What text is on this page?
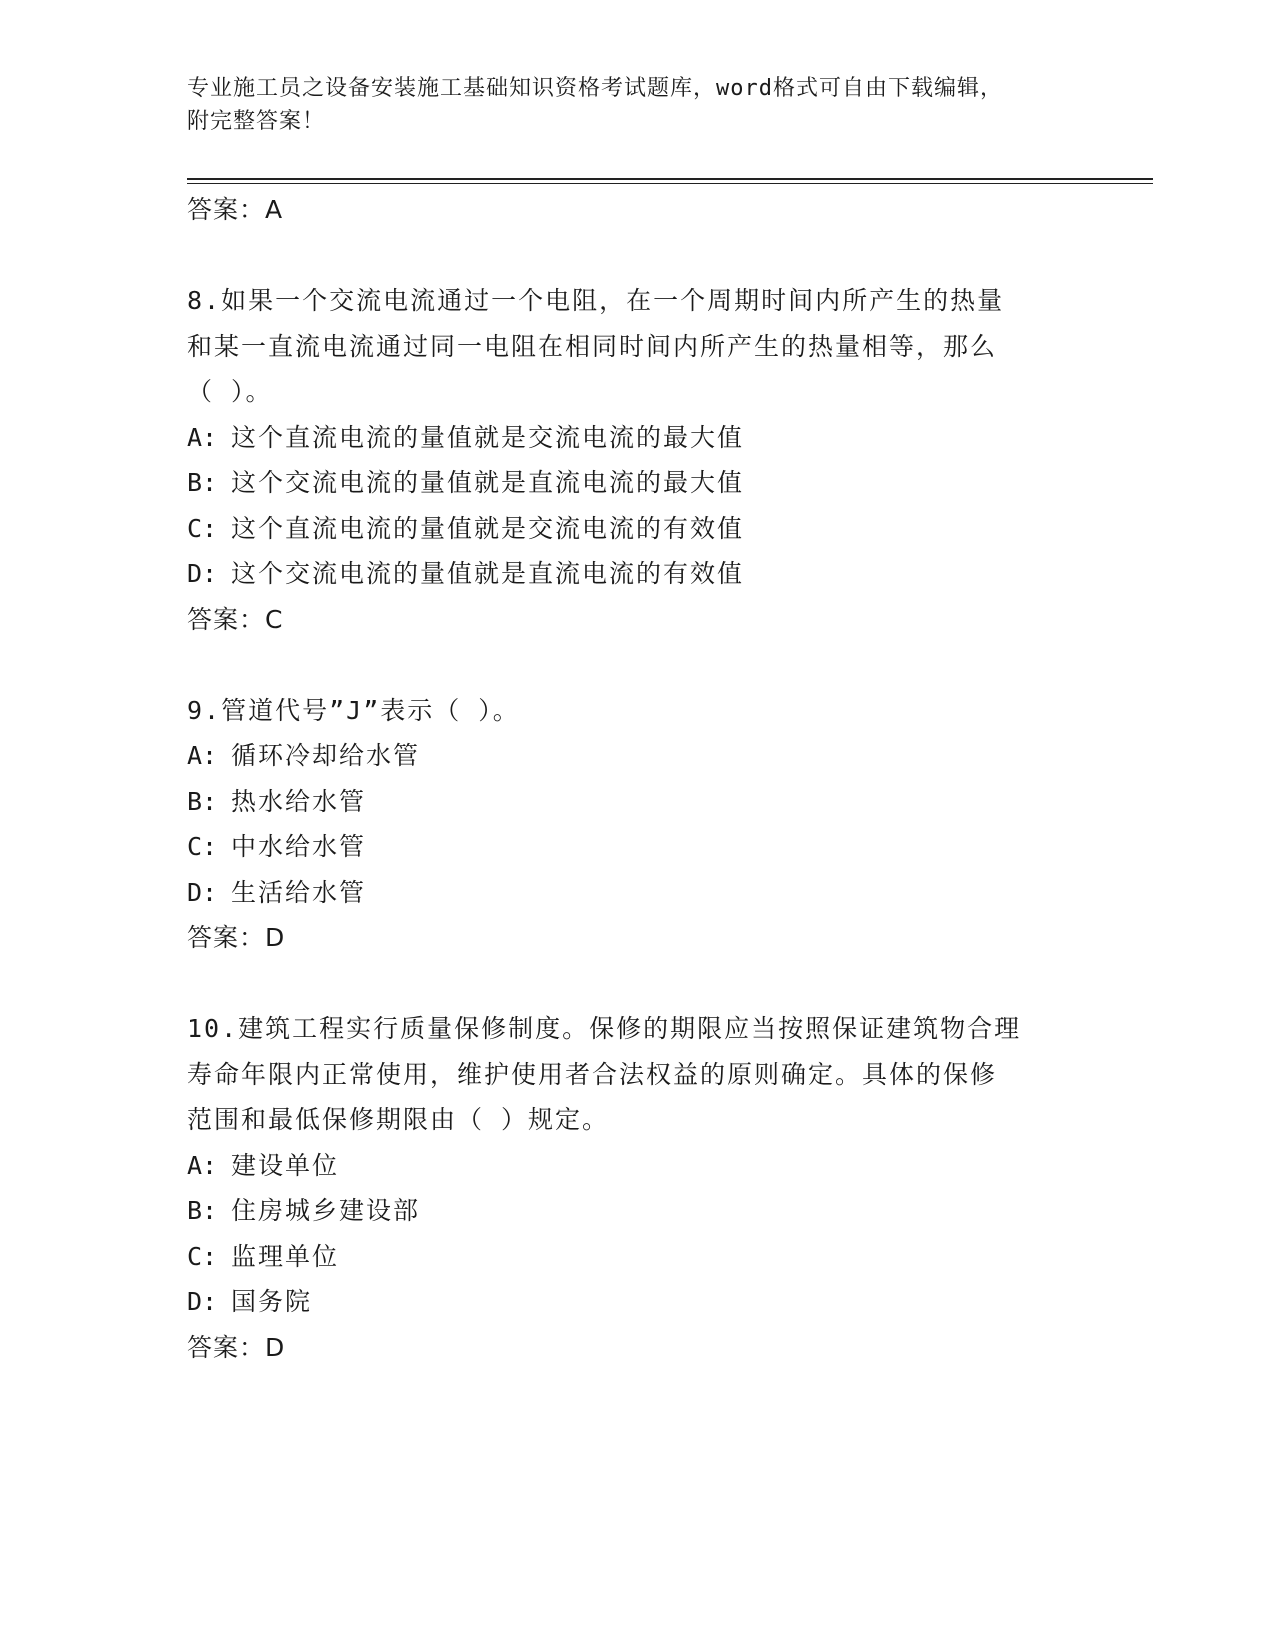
专业施工员之设备安装施工基础知识资格考试题库，word格式可自由下载编辑，
附完整答案！
答案：A
8.如果一个交流电流通过一个电阻，在一个周期时间内所产生的热量
和某一直流电流通过同一电阻在相同时间内所产生的热量相等，那么
（ ）。
A: 这个直流电流的量值就是交流电流的最大值
B: 这个交流电流的量值就是直流电流的最大值
C: 这个直流电流的量值就是交流电流的有效值
D: 这个交流电流的量值就是直流电流的有效值
答案：C
9.管道代号”J”表示（ ）。
A: 循环冷却给水管
B: 热水给水管
C: 中水给水管
D: 生活给水管
答案：D
10.建筑工程实行质量保修制度。保修的期限应当按照保证建筑物合理
寿命年限内正常使用，维护使用者合法权益的原则确定。具体的保修
范围和最低保修期限由（ ）规定。
A: 建设单位
B: 住房城乡建设部
C: 监理单位
D: 国务院
答案：D
